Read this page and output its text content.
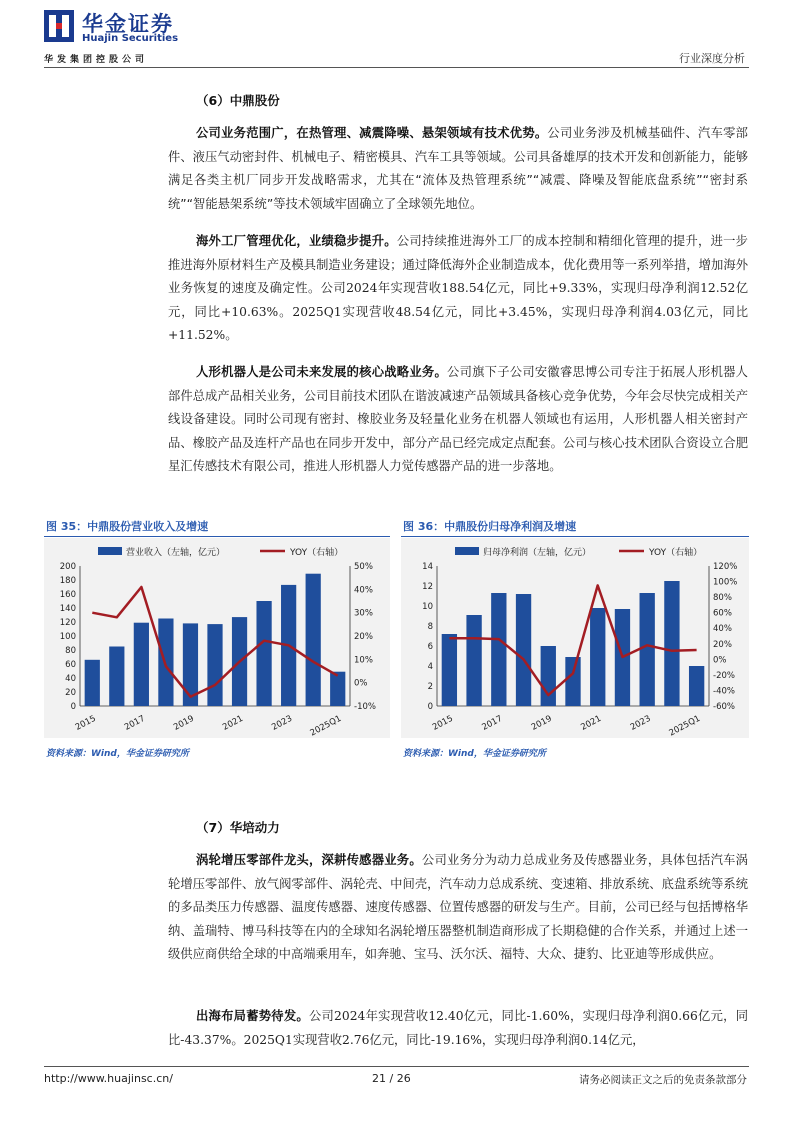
华金证券
Huajin Securities
华发集团控股公司	行业深度分析
（6）中鼎股份
公司业务范围广，在热管理、减震降噪、悬架领域有技术优势。公司业务涉及机械基础件、汽车零部件、液压气动密封件、机械电子、精密模具、汽车工具等领域。公司具备雄厚的技术开发和创新能力，能够满足各类主机厂同步开发战略需求，尤其在“流体及热管理系统”“减震、降噪及智能底盘系统”“密封系统”“智能悬架系统”等技术领域牢固确立了全球领先地位。
海外工厂管理优化，业绩稳步提升。公司持续推进海外工厂的成本控制和精细化管理的提升，进一步推进海外原材料生产及模具制造业务建设；通过降低海外企业制造成本，优化费用等一系列举措，增加海外业务恢复的速度及确定性。公司2024年实现营收188.54亿元，同比+9.33%，实现归母净利润12.52亿元，同比+10.63%。2025Q1实现营收48.54亿元，同比+3.45%，实现归母净利润4.03亿元，同比+11.52%。
人形机器人是公司未来发展的核心战略业务。公司旗下子公司安徽睿思博公司专注于拓展人形机器人部件总成产品相关业务，公司目前技术团队在谐波减速产品领域具备核心竞争优势，今年会尽快完成相关产线设备建设。同时公司现有密封、橡胶业务及轻量化业务在机器人领域也有运用，人形机器人相关密封产品、橡胶产品及连杆产品也在同步开发中，部分产品已经完成定点配套。公司与核心技术团队合资设立合肥星汇传感技术有限公司，推进人形机器人力觉传感器产品的进一步落地。
图 35：中鼎股份营业收入及增速
营业收入（左轴，亿元）	YOY（右轴）
0
20
40
60
80
100
120
140
160
180
200
-10%
0%
10%
20%
30%
40%
50%
2015	2017	2019	2021	2023 2025Q1
资料来源：Wind，华金证券研究所
图 36：中鼎股份归母净利润及增速
归母净利润（左轴，亿元）	YOY（右轴）
0
2
4
6
8
10
12
14
-60%
-40%
-20%
0%
20%
40%
60%
80%
100%
120%
2015	2017	2019	2021	2023 2025Q1
资料来源：Wind，华金证券研究所
（7）华培动力
涡轮增压零部件龙头，深耕传感器业务。公司业务分为动力总成业务及传感器业务，具体包括汽车涡轮增压零部件、放气阀零部件、涡轮壳、中间壳，汽车动力总成系统、变速箱、排放系统、底盘系统等系统的多品类压力传感器、温度传感器、速度传感器、位置传感器的研发与生产。目前，公司已经与包括博格华纳、盖瑞特、博马科技等在内的全球知名涡轮增压器整机制造商形成了长期稳健的合作关系，并通过上述一级供应商供给全球的中高端乘用车，如奔驰、宝马、沃尔沃、福特、大众、捷豹、比亚迪等形成供应。
出海布局蓄势待发。公司2024年实现营收12.40亿元，同比-1.60%，实现归母净利润0.66亿元，同比-43.37%。2025Q1实现营收2.76亿元，同比-19.16%，实现归母净利润0.14亿元，
http://www.huajinsc.cn/	21 / 26	请务必阅读正文之后的免责条款部分
